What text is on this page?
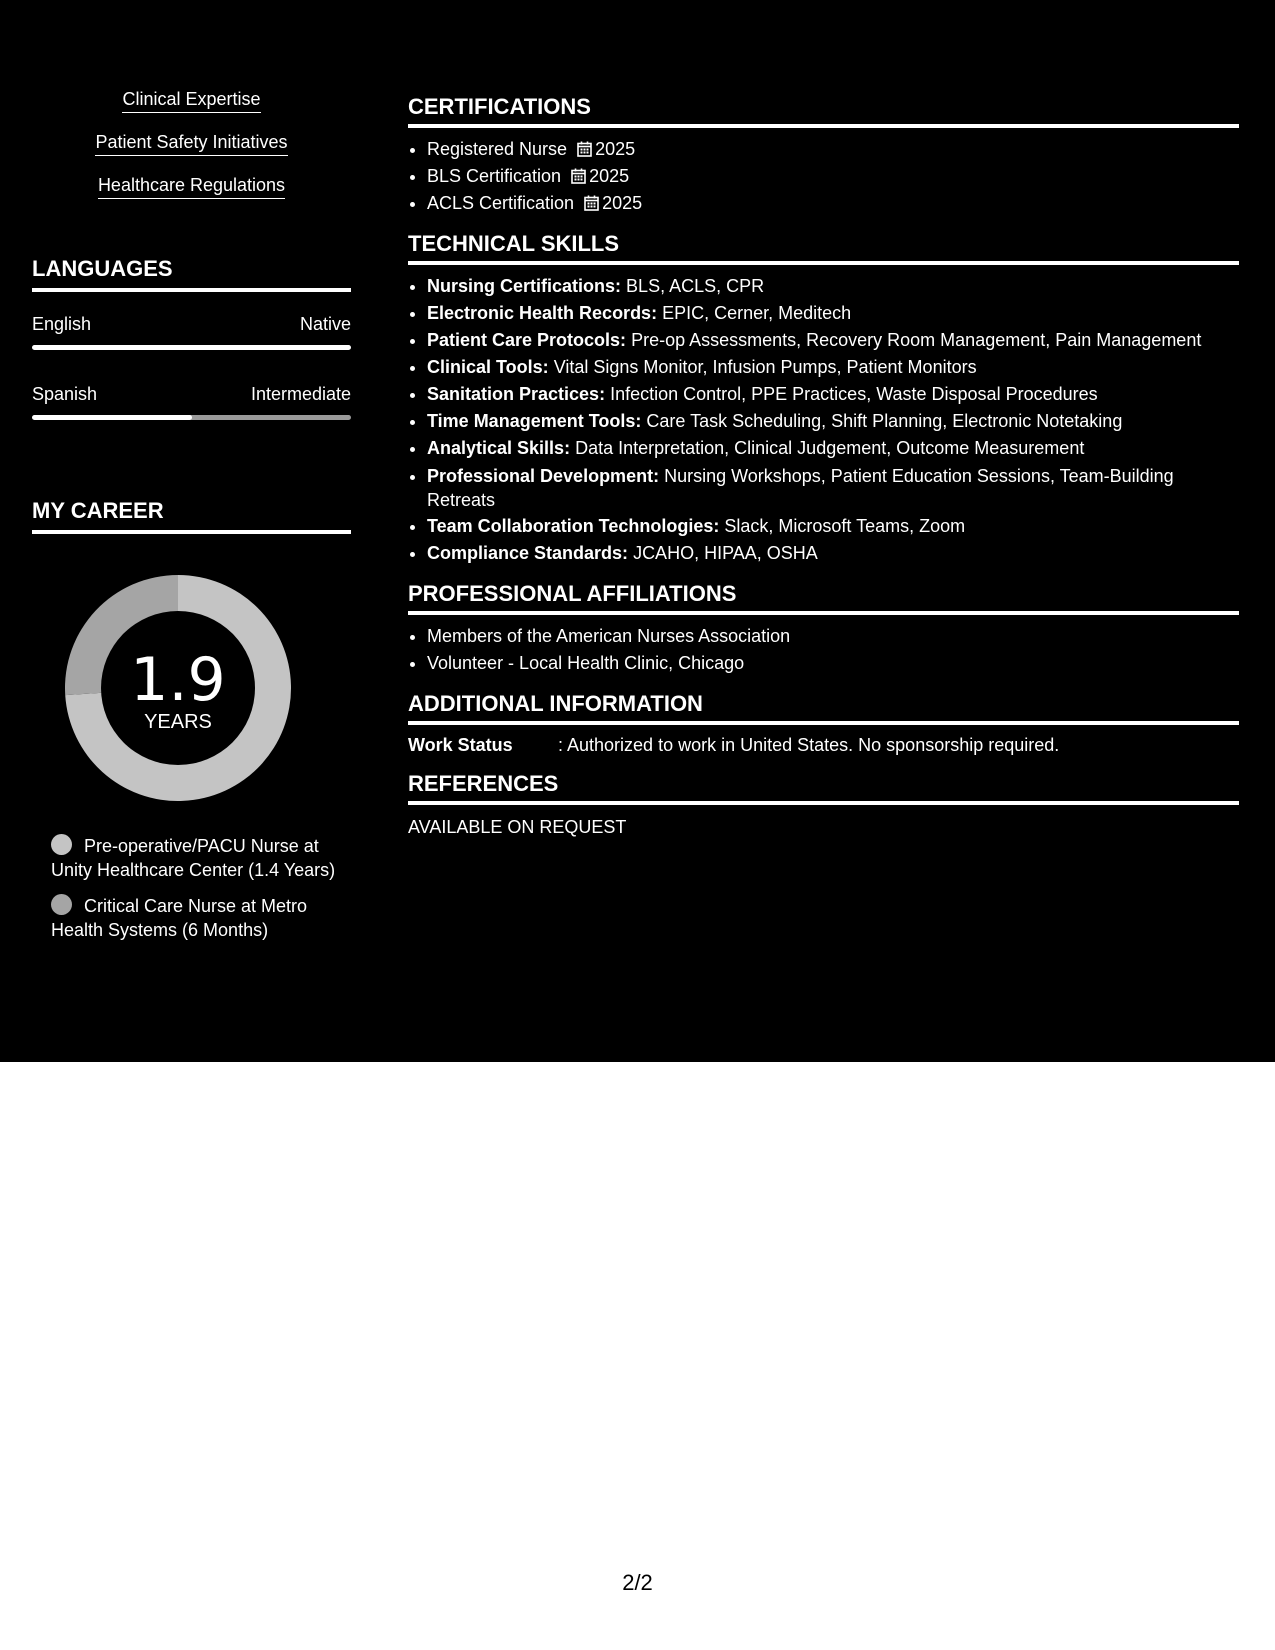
Clinical Expertise
Patient Safety Initiatives
Healthcare Regulations
LANGUAGES
English	Native
Spanish	Intermediate
MY CAREER
1.9
YEARS
Pre-operative/PACU Nurse at Unity Healthcare Center (1.4 Years)
Critical Care Nurse at Metro Health Systems (6 Months)
CERTIFICATIONS
• Registered Nurse 2025
• BLS Certification 2025
• ACLS Certification 2025
TECHNICAL SKILLS
• Nursing Certifications: BLS, ACLS, CPR
• Electronic Health Records: EPIC, Cerner, Meditech
• Patient Care Protocols: Pre-op Assessments, Recovery Room Management, Pain Management
• Clinical Tools: Vital Signs Monitor, Infusion Pumps, Patient Monitors
• Sanitation Practices: Infection Control, PPE Practices, Waste Disposal Procedures
• Time Management Tools: Care Task Scheduling, Shift Planning, Electronic Notetaking
• Analytical Skills: Data Interpretation, Clinical Judgement, Outcome Measurement
• Professional Development: Nursing Workshops, Patient Education Sessions, Team-Building Retreats
• Team Collaboration Technologies: Slack, Microsoft Teams, Zoom
• Compliance Standards: JCAHO, HIPAA, OSHA
PROFESSIONAL AFFILIATIONS
• Members of the American Nurses Association
• Volunteer - Local Health Clinic, Chicago
ADDITIONAL INFORMATION
Work Status	: Authorized to work in United States. No sponsorship required.
REFERENCES
AVAILABLE ON REQUEST
2/2
